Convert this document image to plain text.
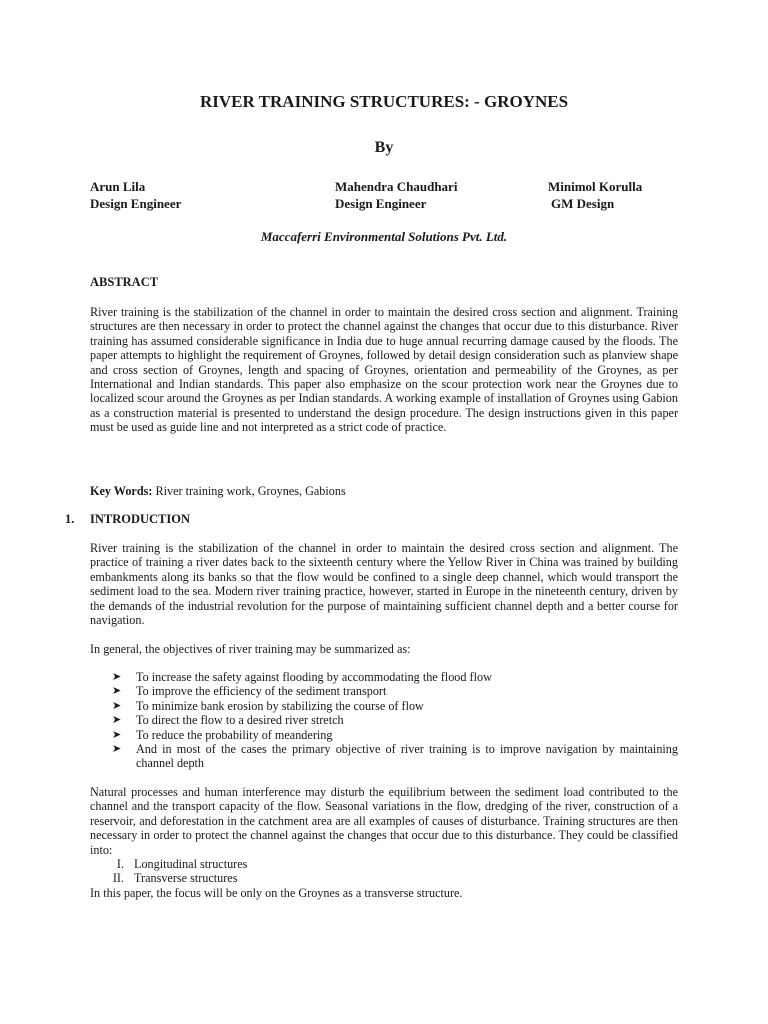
RIVER TRAINING STRUCTURES: - GROYNES
By
Arun Lila
Design Engineer
Mahendra Chaudhari
Design Engineer
Minimol Korulla
GM Design
Maccaferri Environmental Solutions Pvt. Ltd.
ABSTRACT
River training is the stabilization of the channel in order to maintain the desired cross section and alignment. Training structures are then necessary in order to protect the channel against the changes that occur due to this disturbance. River training has assumed considerable significance in India due to huge annual recurring damage caused by the floods. The paper attempts to highlight the requirement of Groynes, followed by detail design consideration such as planview shape and cross section of Groynes, length and spacing of Groynes, orientation and permeability of the Groynes, as per International and Indian standards. This paper also emphasize on the scour protection work near the Groynes due to localized scour around the Groynes as per Indian standards. A working example of installation of Groynes using Gabion as a construction material is presented to understand the design procedure. The design instructions given in this paper must be used as guide line and not interpreted as a strict code of practice.
Key Words: River training work, Groynes, Gabions
1. INTRODUCTION
River training is the stabilization of the channel in order to maintain the desired cross section and alignment. The practice of training a river dates back to the sixteenth century where the Yellow River in China was trained by building embankments along its banks so that the flow would be confined to a single deep channel, which would transport the sediment load to the sea. Modern river training practice, however, started in Europe in the nineteenth century, driven by the demands of the industrial revolution for the purpose of maintaining sufficient channel depth and a better course for navigation.
In general, the objectives of river training may be summarized as:
➤ To increase the safety against flooding by accommodating the flood flow
➤ To improve the efficiency of the sediment transport
➤ To minimize bank erosion by stabilizing the course of flow
➤ To direct the flow to a desired river stretch
➤ To reduce the probability of meandering
➤ And in most of the cases the primary objective of river training is to improve navigation by maintaining channel depth
Natural processes and human interference may disturb the equilibrium between the sediment load contributed to the channel and the transport capacity of the flow. Seasonal variations in the flow, dredging of the river, construction of a reservoir, and deforestation in the catchment area are all examples of causes of disturbance. Training structures are then necessary in order to protect the channel against the changes that occur due to this disturbance. They could be classified into:
I. Longitudinal structures
II. Transverse structures
In this paper, the focus will be only on the Groynes as a transverse structure.
